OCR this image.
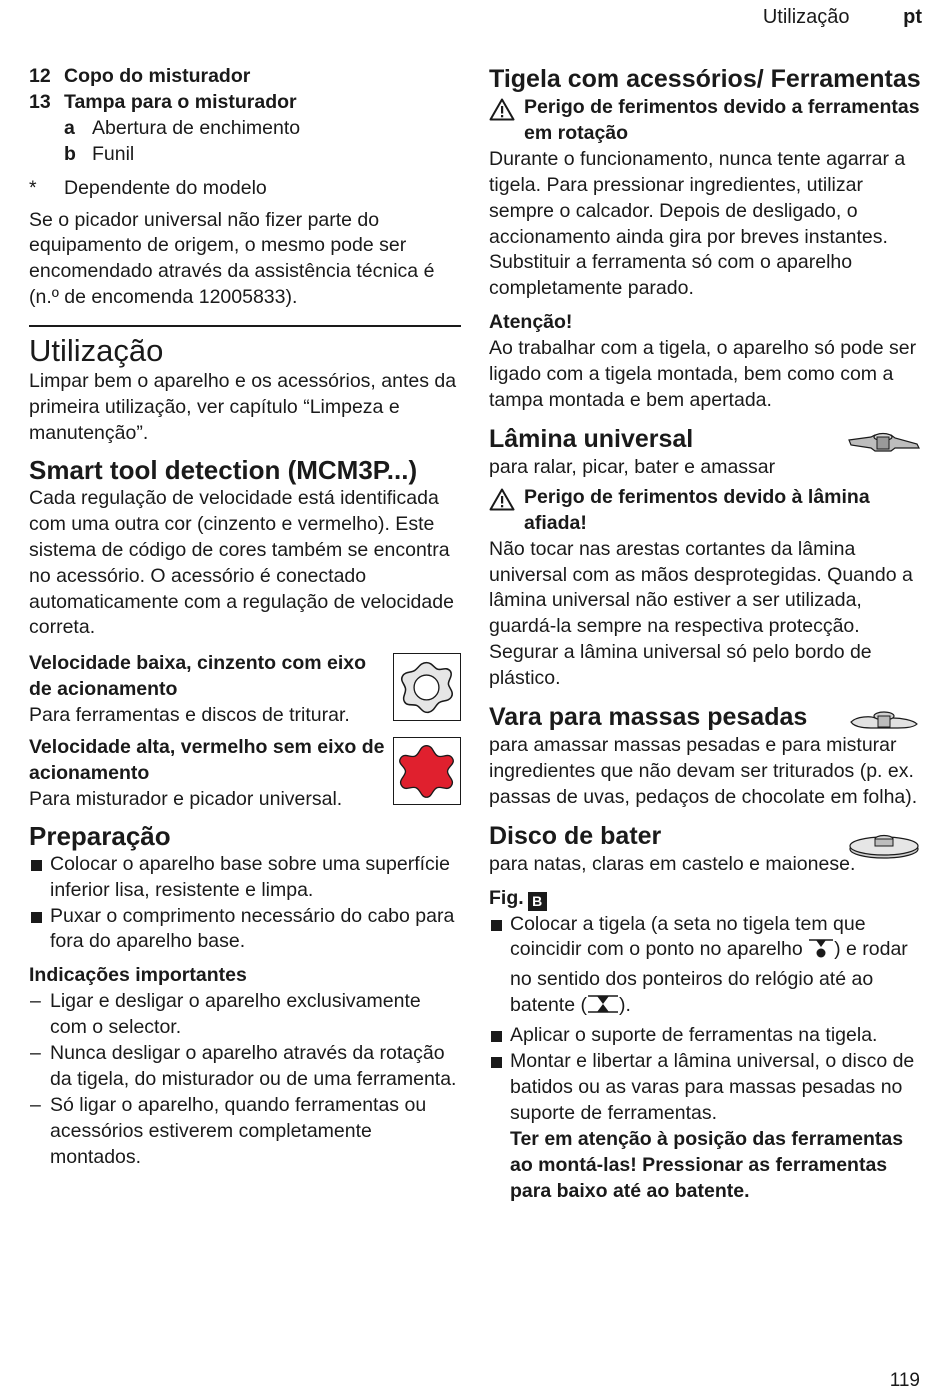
Utilização	pt
12 Copo do misturador
13 Tampa para o misturador
a Abertura de enchimento
b Funil
*	Dependente do modelo

Se o picador universal não fizer parte do equipamento de origem, o mesmo pode ser encomendado através da assistência técnica é (n.º de encomenda 12005833).

Utilização

Limpar bem o aparelho e os acessórios, antes da primeira utilização, ver capítulo “Limpeza e manutenção”.

Smart tool detection (MCM3P...)

Cada regulação de velocidade está identificada com uma outra cor (cinzento e vermelho). Este sistema de código de cores também se encontra no acessório. O acessório é conectado automaticamente com a regulação de velocidade correta.

Velocidade baixa, cinzento com eixo de acionamento

Para ferramentas e discos de triturar.

Velocidade alta, vermelho sem eixo de acionamento

Para misturador e picador universal.

Preparação
Colocar o aparelho base sobre uma superfície inferior lisa, resistente e limpa.
Puxar o comprimento necessário do cabo para fora do aparelho base.

Indicações importantes

– Ligar e desligar o aparelho exclusivamente com o selector.
– Nunca desligar o aparelho através da rotação da tigela, do misturador ou de uma ferramenta.
– Só ligar o aparelho, quando ferramentas ou acessórios estiverem completamente montados.
Tigela com acessórios/ Ferramentas
Perigo de ferimentos devido a ferramentas em rotação

Durante o funcionamento, nunca tente agarrar a tigela. Para pressionar ingredientes, utilizar sempre o calcador. Depois de desligado, o accionamento ainda gira por breves instantes. Substituir a ferramenta só com o aparelho completamente parado.

Atenção!

Ao trabalhar com a tigela, o aparelho só pode ser ligado com a tigela montada, bem como com a tampa montada e bem apertada.

Lâmina universal

para ralar, picar, bater e amassar

Perigo de ferimentos devido à lâmina afiada!

Não tocar nas arestas cortantes da lâmina universal com as mãos desprotegidas. Quando a lâmina universal não estiver a ser utilizada, guardá-la sempre na respectiva protecção. Segurar a lâmina universal só pelo bordo de plástico.

Vara para massas pesadas

para amassar massas pesadas e para misturar ingredientes que não devam ser triturados (p. ex. passas de uvas, pedaços de chocolate em folha).

Disco de bater

para natas, claras em castelo e maionese.

Fig. B

Colocar a tigela (a seta no tigela tem que coincidir com o ponto no aparelho ) e rodar no sentido dos ponteiros do relógio até ao batente ( ).
Aplicar o suporte de ferramentas na tigela.
Montar e libertar a lâmina universal, o disco de batidos ou as varas para massas pesadas no suporte de ferramentas.
Ter em atenção à posição das ferramentas ao montá-las! Pressionar as ferramentas para baixo até ao batente.
119
